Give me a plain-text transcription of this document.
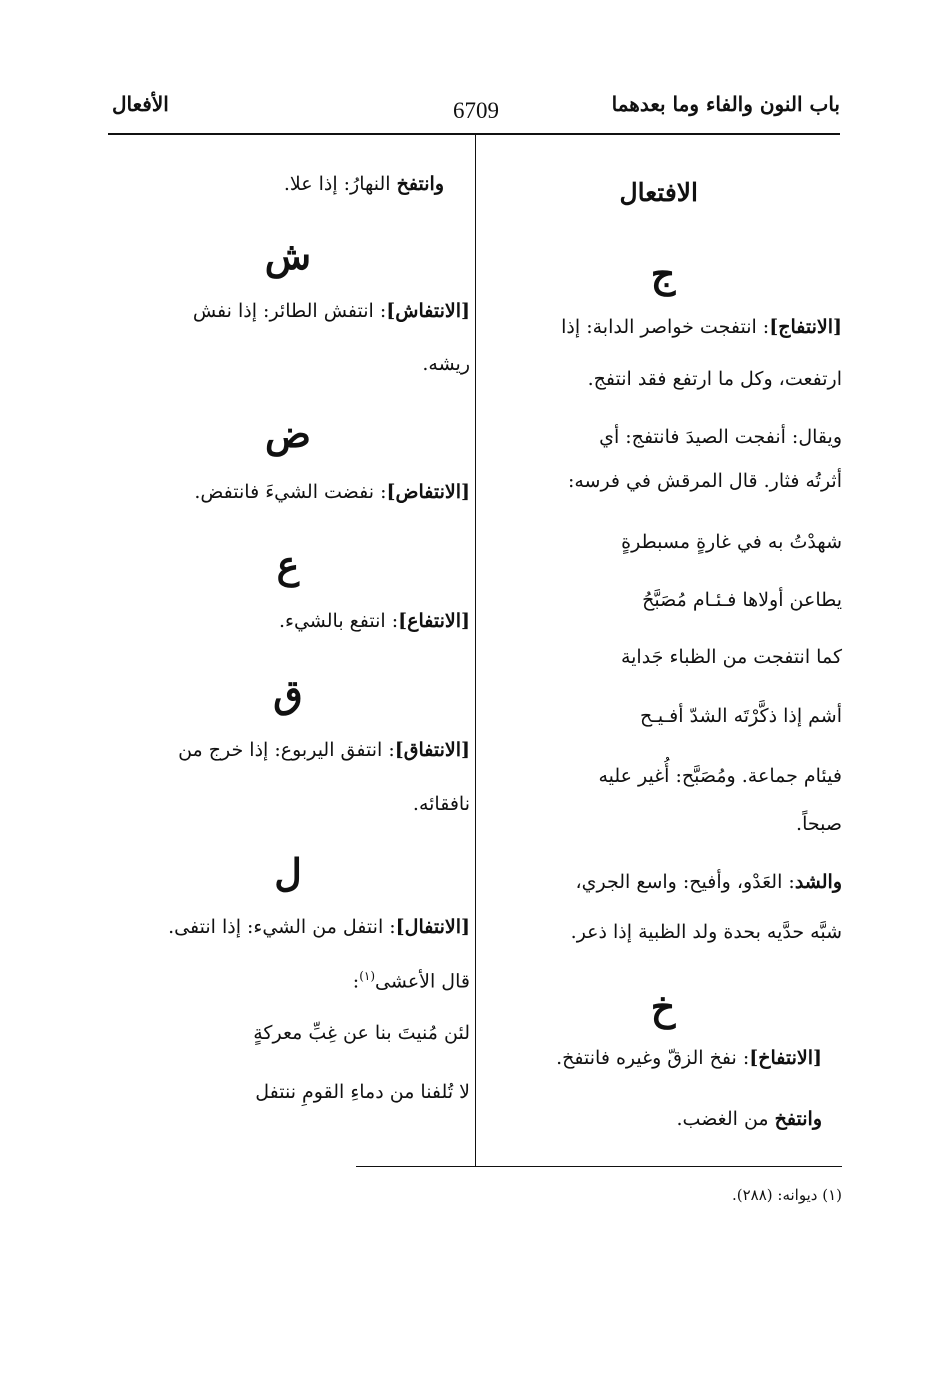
باب النون والفاء وما بعدهما
6709
الأفعال
الافتعال
ج
[الانتفاج]: انتفجت خواصر الدابة: إذا
ارتفعت، وكل ما ارتفع فقد انتفج.
ويقال: أنفجت الصيدَ فانتفج: أي
أثرتُه فثار. قال المرقش في فرسه:
شهدْتُ به في غارةٍ مسبطرةٍ
يطاعن أولاها فـئـام مُصَبَّحُ
كما انتفجت من الظباء جَداية
أشم إذا ذكَّرْتَه الشدّ أفـيـح
فيئام جماعة. ومُصَبَّح: أُغير عليه
صبحاً.
والشد: العَدْو، وأفيح: واسع الجري،
شبَّه حدَّيه بحدة ولد الظبية إذا ذعر.
خ
[الانتفاخ]: نفخ الزقّ وغيره فانتفخ.
وانتفخ من الغضب.
وانتفخ النهارُ: إذا علا.
ش
[الانتفاش]: انتفش الطائر: إذا نفش
ريشه.
ض
[الانتفاض]: نفضت الشيءَ فانتفض.
ع
[الانتفاع]: انتفع بالشيء.
ق
[الانتفاق]: انتفق اليربوع: إذا خرج من
نافقائه.
ل
[الانتفال]: انتفل من الشيء: إذا انتفى.
قال الأعشى$^{(١)}$:
لئن مُنيتَ بنا عن غِبِّ معركةٍ
لا تُلفنا من دماءِ القومِ ننتفل
(١) ديوانه: (٢٨٨).
